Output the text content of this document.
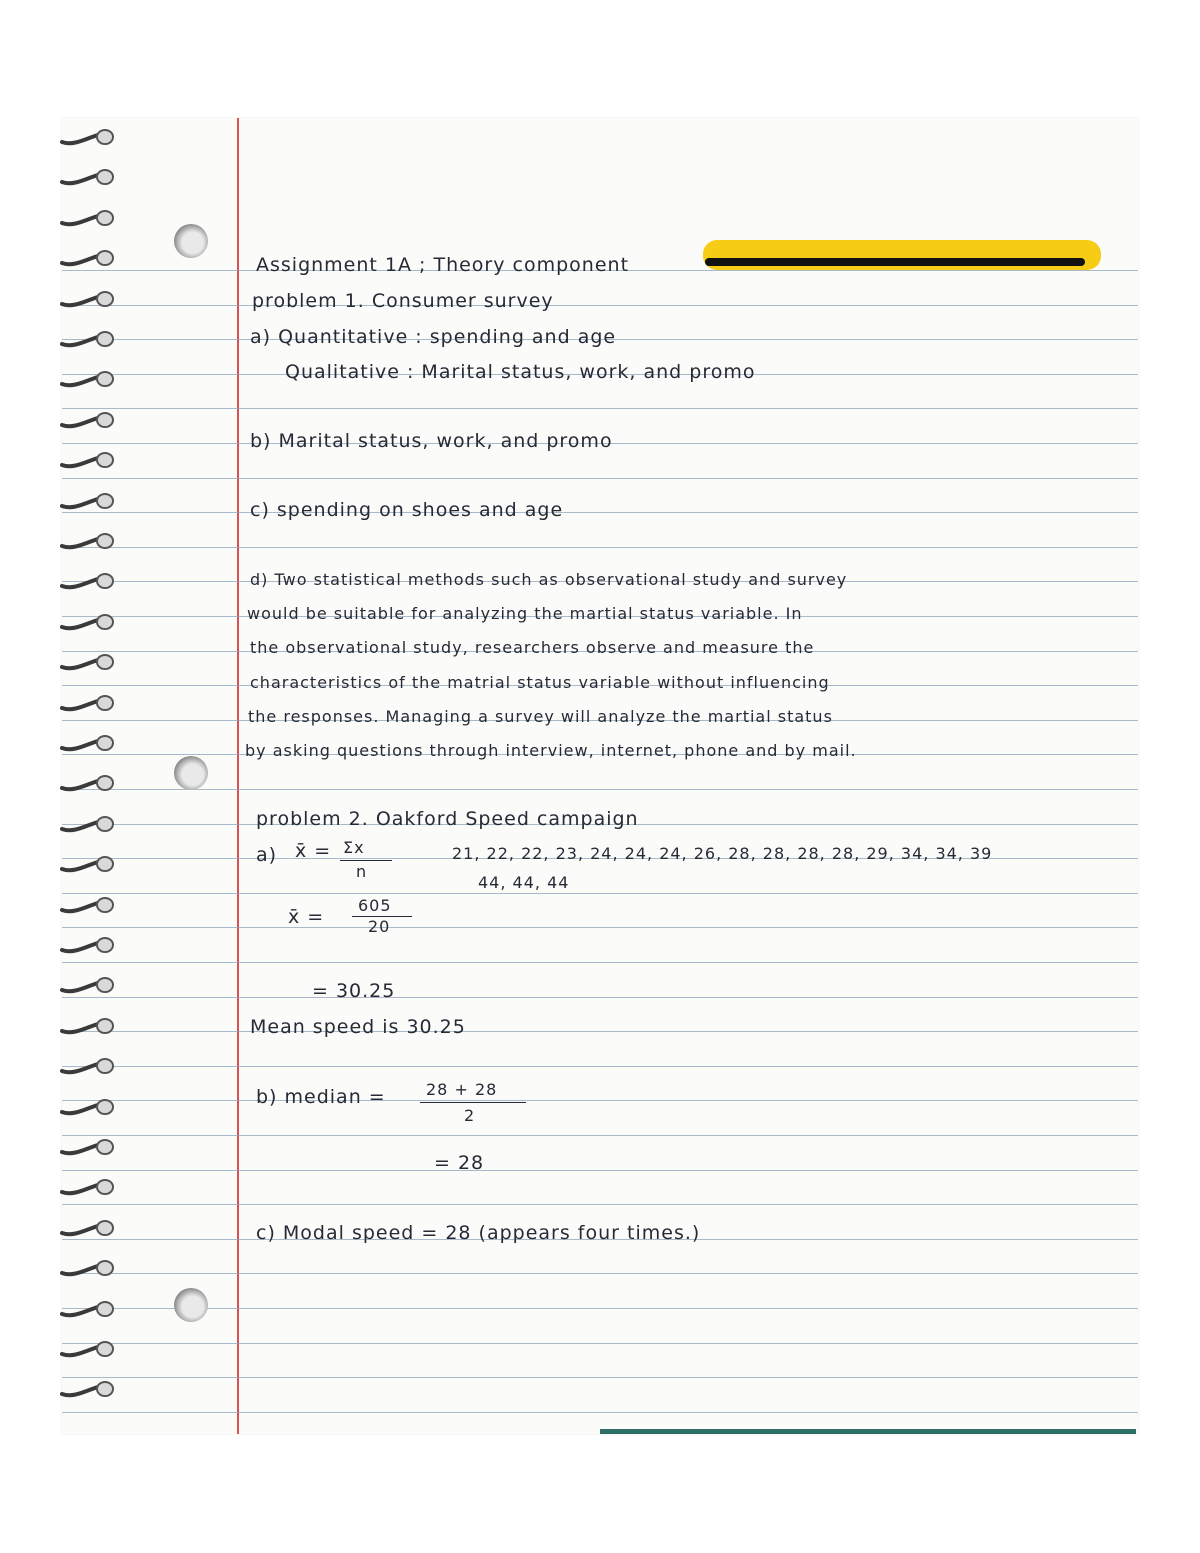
Assignment 1A ; Theory component
problem 1. Consumer survey
a) Quantitative : spending and age
Qualitative : Marital status, work, and promo
b) Marital status, work, and promo
c) spending on shoes and age
d) Two statistical methods such as observational study and survey
would be suitable for analyzing the martial status variable. In
the observational study, researchers observe and measure the
characteristics of the matrial status variable without influencing
the responses. Managing a survey will analyze the martial status
by asking questions through interview, internet, phone and by mail.
problem 2. Oakford Speed campaign
a) x̄ = Σx
n
21, 22, 22, 23, 24, 24, 24, 26, 28, 28, 28, 28, 29, 34, 34, 39
44, 44, 44
x̄ =
605
20
= 30.25
Mean speed is 30.25
b) median =	28 + 28
2
= 28
c) Modal speed = 28 (appears four times.)
